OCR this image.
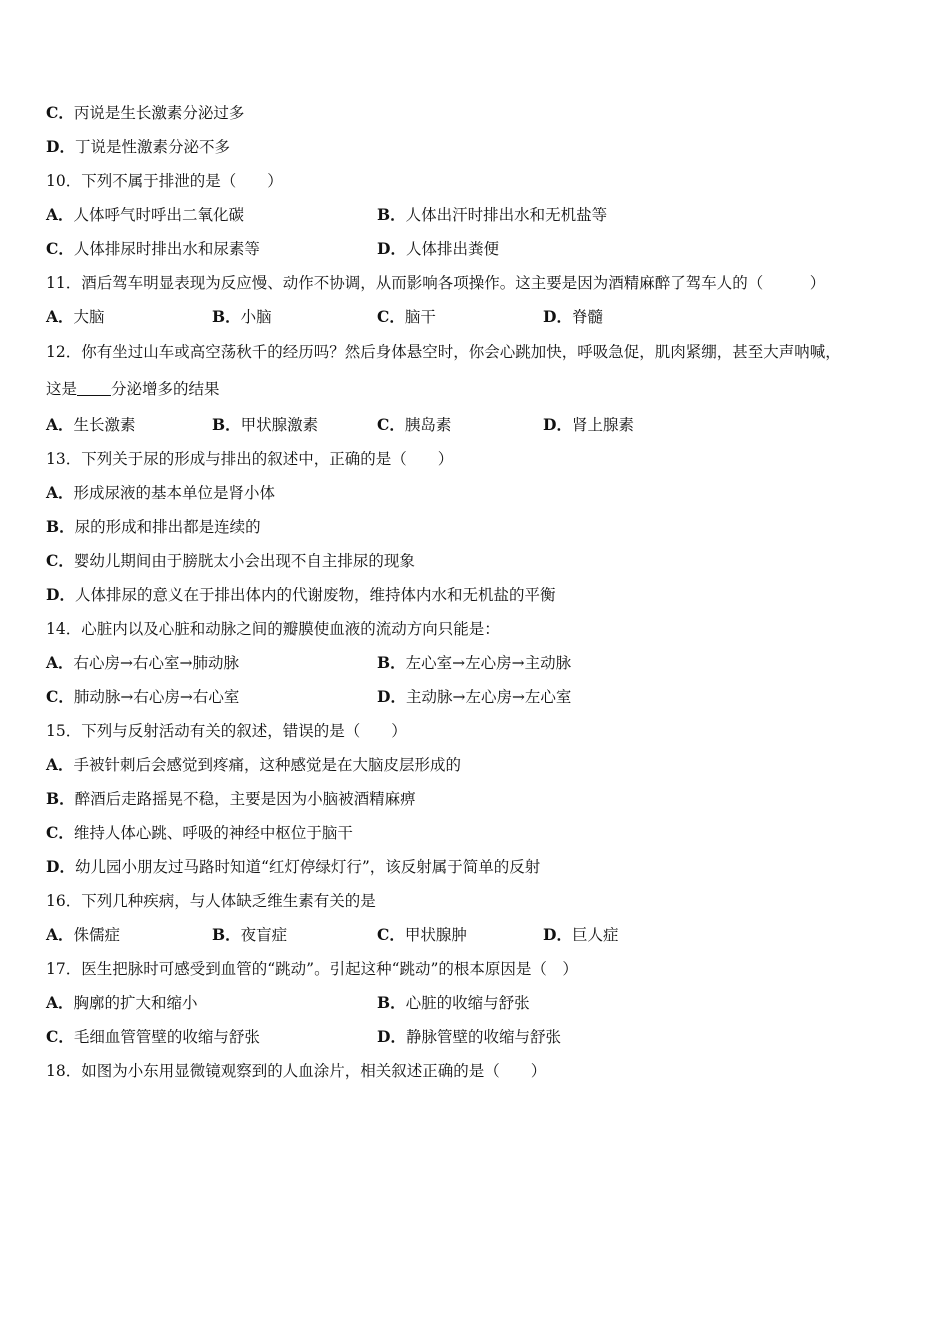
C．丙说是生长激素分泌过多
D．丁说是性激素分泌不多
10．下列不属于排泄的是（　　）
A．人体呼气时呼出二氧化碳	B．人体出汗时排出水和无机盐等
C．人体排尿时排出水和尿素等	D．人体排出粪便
11．酒后驾车明显表现为反应慢、动作不协调，从而影响各项操作。这主要是因为酒精麻醉了驾车人的（　　　）
A．大脑	B．小脑	C．脑干	D．脊髓
12．你有坐过山车或高空荡秋千的经历吗？然后身体悬空时，你会心跳加快，呼吸急促，肌肉紧绷，甚至大声呐喊，
这是 分泌增多的结果
A．生长激素	B．甲状腺激素	C．胰岛素	D．肾上腺素
13．下列关于尿的形成与排出的叙述中，正确的是（　　）
A．形成尿液的基本单位是肾小体
B．尿的形成和排出都是连续的
C．婴幼儿期间由于膀胱太小会出现不自主排尿的现象
D．人体排尿的意义在于排出体内的代谢废物，维持体内水和无机盐的平衡
14．心脏内以及心脏和动脉之间的瓣膜使血液的流动方向只能是：
A．右心房→右心室→肺动脉	B．左心室→左心房→主动脉
C．肺动脉→右心房→右心室	D．主动脉→左心房→左心室
15．下列与反射活动有关的叙述，错误的是（　　）
A．手被针刺后会感觉到疼痛，这种感觉是在大脑皮层形成的
B．醉酒后走路摇晃不稳，主要是因为小脑被酒精麻痹
C．维持人体心跳、呼吸的神经中枢位于脑干
D．幼儿园小朋友过马路时知道“红灯停绿灯行”，该反射属于简单的反射
16．下列几种疾病，与人体缺乏维生素有关的是
A．侏儒症	B．夜盲症	C．甲状腺肿	D．巨人症
17．医生把脉时可感受到血管的“跳动”。引起这种“跳动”的根本原因是（　）
A．胸廓的扩大和缩小	B．心脏的收缩与舒张
C．毛细血管管壁的收缩与舒张	D．静脉管壁的收缩与舒张
18．如图为小东用显微镜观察到的人血涂片，相关叙述正确的是（　　）
